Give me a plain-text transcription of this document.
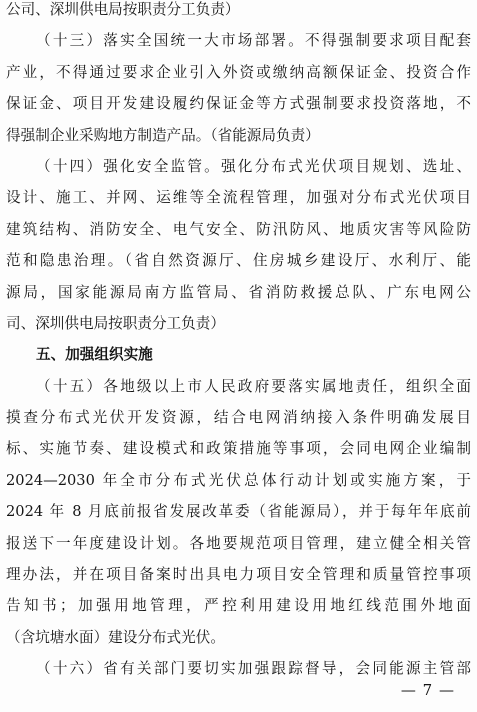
公司、深圳供电局按职责分工负责）
（十三）落实全国统一大市场部署。不得强制要求项目配套
产业，不得通过要求企业引入外资或缴纳高额保证金、投资合作
保证金、项目开发建设履约保证金等方式强制要求投资落地，不
得强制企业采购地方制造产品。（省能源局负责）
（十四）强化安全监管。强化分布式光伏项目规划、选址、
设计、施工、并网、运维等全流程管理，加强对分布式光伏项目
建筑结构、消防安全、电气安全、防汛防风、地质灾害等风险防
范和隐患治理。（省自然资源厅、住房城乡建设厅、水利厅、能
源局，国家能源局南方监管局、省消防救援总队、广东电网公
司、深圳供电局按职责分工负责）
五、加强组织实施
（十五）各地级以上市人民政府要落实属地责任，组织全面
摸查分布式光伏开发资源，结合电网消纳接入条件明确发展目
标、实施节奏、建设模式和政策措施等事项，会同电网企业编制
2024—2030 年全市分布式光伏总体行动计划或实施方案，于
2024 年 8 月底前报省发展改革委（省能源局），并于每年年底前
报送下一年度建设计划。各地要规范项目管理，建立健全相关管
理办法，并在项目备案时出具电力项目安全管理和质量管控事项
告知书；加强用地管理，严控利用建设用地红线范围外地面
（含坑塘水面）建设分布式光伏。
（十六）省有关部门要切实加强跟踪督导，会同能源主管部
— 7 —
